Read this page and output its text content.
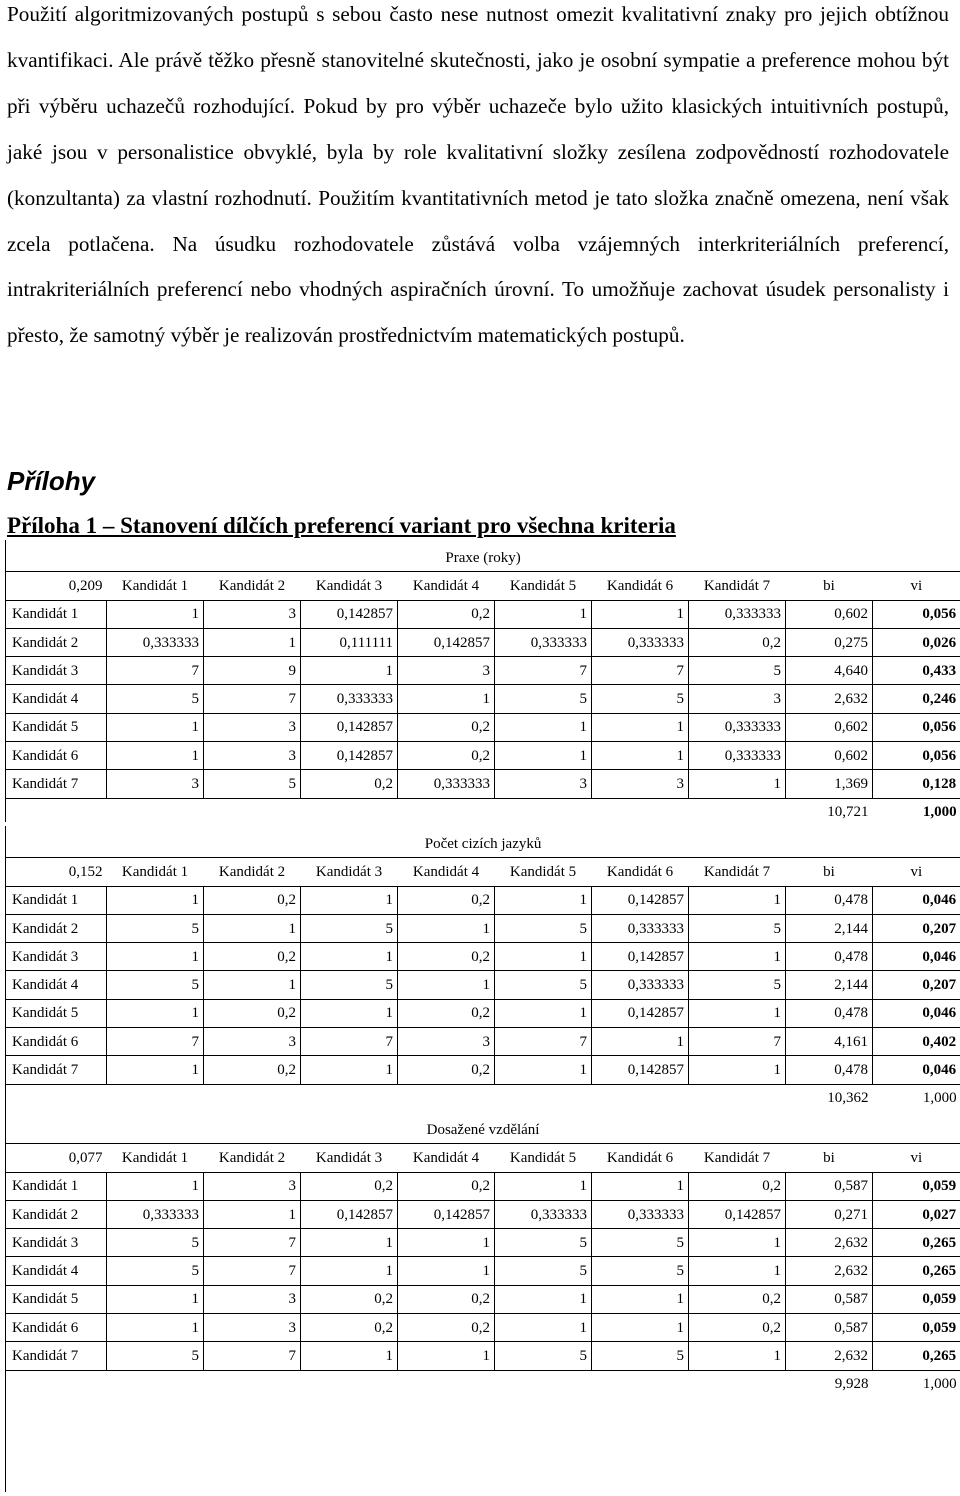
Použití algoritmizovaných postupů s sebou často nese nutnost omezit kvalitativní znaky pro jejich obtížnou kvantifikaci. Ale právě těžko přesně stanovitelné skutečnosti, jako je osobní sympatie a preference mohou být při výběru uchazečů rozhodující. Pokud by pro výběr uchazeče bylo užito klasických intuitivních postupů, jaké jsou v personalistice obvyklé, byla by role kvalitativní složky zesílena zodpovědností rozhodovatele (konzultanta) za vlastní rozhodnutí. Použitím kvantitativních metod je tato složka značně omezena, není však zcela potlačena. Na úsudku rozhodovatele zůstává volba vzájemných interkriteriálních preferencí, intrakriteriálních preferencí nebo vhodných aspiračních úrovní. To umožňuje zachovat úsudek personalisty i přesto, že samotný výběr je realizován prostřednictvím matematických postupů.

Přílohy
Příloha 1 – Stanovení dílčích preferencí variant pro všechna kriteria
Praxe (roky)									
0,209	Kandidát 1	Kandidát 2	Kandidát 3	Kandidát 4	Kandidát 5	Kandidát 6	Kandidát 7	bi	vi
Kandidát 1	1	3	0,142857	0,2	1	1	0,333333	0,602	0,056
Kandidát 2	0,333333	1	0,111111	0,142857	0,333333	0,333333	0,2	0,275	0,026
Kandidát 3	7	9	1	3	7	7	5	4,640	0,433
Kandidát 4	5	7	0,333333	1	5	5	3	2,632	0,246
Kandidát 5	1	3	0,142857	0,2	1	1	0,333333	0,602	0,056
Kandidát 6	1	3	0,142857	0,2	1	1	0,333333	0,602	0,056
Kandidát 7	3	5	0,2	0,333333	3	3	1	1,369	0,128
								10,721	1,000
Počet cizích jazyků									
0,152	Kandidát 1	Kandidát 2	Kandidát 3	Kandidát 4	Kandidát 5	Kandidát 6	Kandidát 7	bi	vi
Kandidát 1	1	0,2	1	0,2	1	0,142857	1	0,478	0,046
Kandidát 2	5	1	5	1	5	0,333333	5	2,144	0,207
Kandidát 3	1	0,2	1	0,2	1	0,142857	1	0,478	0,046
Kandidát 4	5	1	5	1	5	0,333333	5	2,144	0,207
Kandidát 5	1	0,2	1	0,2	1	0,142857	1	0,478	0,046
Kandidát 6	7	3	7	3	7	1	7	4,161	0,402
Kandidát 7	1	0,2	1	0,2	1	0,142857	1	0,478	0,046
								10,362	1,000
Dosažené vzdělání									
0,077	Kandidát 1	Kandidát 2	Kandidát 3	Kandidát 4	Kandidát 5	Kandidát 6	Kandidát 7	bi	vi
Kandidát 1	1	3	0,2	0,2	1	1	0,2	0,587	0,059
Kandidát 2	0,333333	1	0,142857	0,142857	0,333333	0,333333	0,142857	0,271	0,027
Kandidát 3	5	7	1	1	5	5	1	2,632	0,265
Kandidát 4	5	7	1	1	5	5	1	2,632	0,265
Kandidát 5	1	3	0,2	0,2	1	1	0,2	0,587	0,059
Kandidát 6	1	3	0,2	0,2	1	1	0,2	0,587	0,059
Kandidát 7	5	7	1	1	5	5	1	2,632	0,265
								9,928	1,000
